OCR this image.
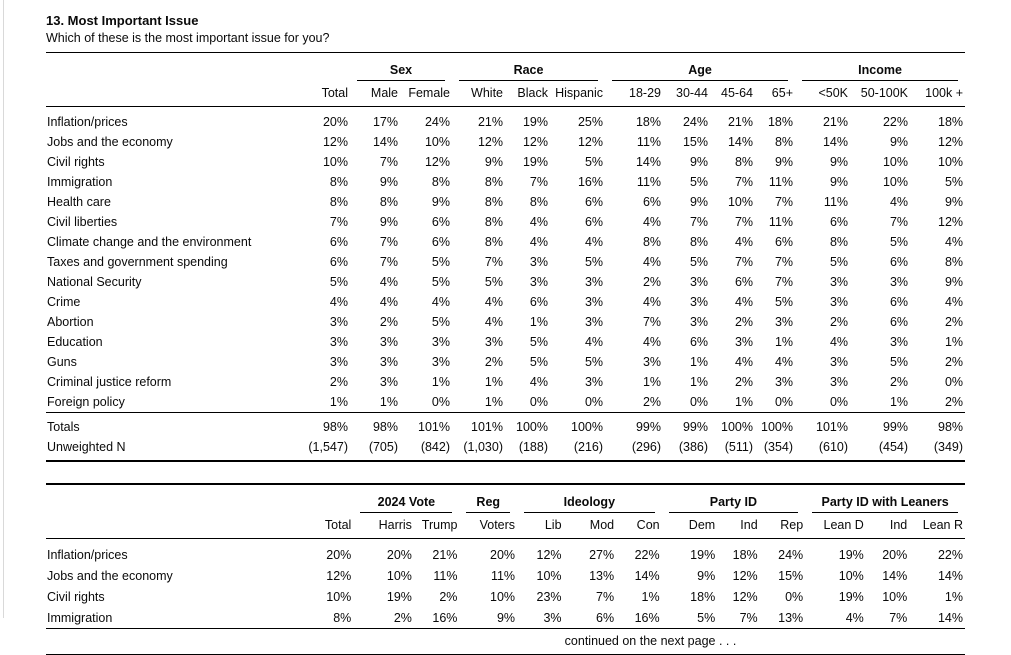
13. Most Important Issue

Which of these is the most important issue for you?

		Sex		Race			Age				Income		

	Total	Male	Female	White	Black	Hispanic	18-29	30-44	45-64	65+	<50K	50-100K	100k +
Inflation/prices	20%	17%	24%	21%	19%	25%	18%	24%	21%	18%	21%	22%	18%
Jobs and the economy	12%	14%	10%	12%	12%	12%	11%	15%	14%	8%	14%	9%	12%
Civil rights	10%	7%	12%	9%	19%	5%	14%	9%	8%	9%	9%	10%	10%
Immigration	8%	9%	8%	8%	7%	16%	11%	5%	7%	11%	9%	10%	5%
Health care	8%	8%	9%	8%	8%	6%	6%	9%	10%	7%	11%	4%	9%
Civil liberties	7%	9%	6%	8%	4%	6%	4%	7%	7%	11%	6%	7%	12%
Climate change and the environment	6%	7%	6%	8%	4%	4%	8%	8%	4%	6%	8%	5%	4%
Taxes and government spending	6%	7%	5%	7%	3%	5%	4%	5%	7%	7%	5%	6%	8%
National Security	5%	4%	5%	5%	3%	3%	2%	3%	6%	7%	3%	3%	9%
Crime	4%	4%	4%	4%	6%	3%	4%	3%	4%	5%	3%	6%	4%
Abortion	3%	2%	5%	4%	1%	3%	7%	3%	2%	3%	2%	6%	2%
Education	3%	3%	3%	3%	5%	4%	4%	6%	3%	1%	4%	3%	1%
Guns	3%	3%	3%	2%	5%	5%	3%	1%	4%	4%	3%	5%	2%
Criminal justice reform	2%	3%	1%	1%	4%	3%	1%	1%	2%	3%	3%	2%	0%
Foreign policy	1%	1%	0%	1%	0%	0%	2%	0%	1%	0%	0%	1%	2%
Totals	98%	98%	101%	101%	100%	100%	99%	99%	100%	100%	101%	99%	98%
Unweighted N	(1,547)	(705)	(842)	(1,030)	(188)	(216)	(296)	(386)	(511)	(354)	(610)	(454)	(349)

		2024 Vote		Reg	Ideology			Party ID			Party ID with Leaners		

	Total	Harris	Trump	Voters	Lib	Mod	Con	Dem	Ind	Rep	Lean D	Ind	Lean R
Inflation/prices	20%	20%	21%	20%	12%	27%	22%	19%	18%	24%	19%	20%	22%
Jobs and the economy	12%	10%	11%	11%	10%	13%	14%	9%	12%	15%	10%	14%	14%
Civil rights	10%	19%	2%	10%	23%	7%	1%	18%	12%	0%	19%	10%	1%
Immigration	8%	2%	16%	9%	3%	6%	16%	5%	7%	13%	4%	7%	14%
continued on the next page . . .
